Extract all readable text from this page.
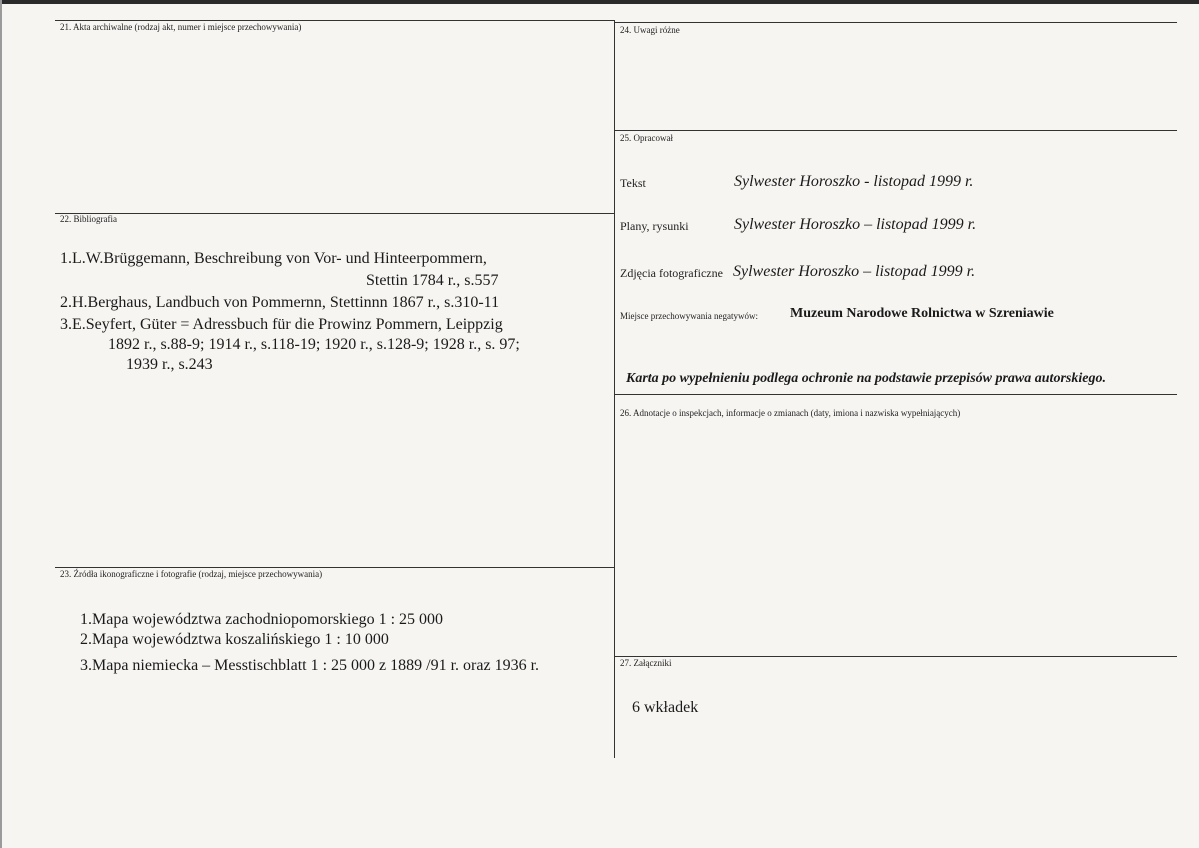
21. Akta archiwalne (rodzaj akt, numer i miejsce przechowywania)
22. Bibliografia
1.L.W.Brüggemann, Beschreibung von Vor- und Hinteerpommern,
Stettin 1784 r., s.557
2.H.Berghaus, Landbuch von Pommernn, Stettinnn 1867 r., s.310-11
3.E.Seyfert, Güter = Adressbuch für die Prowinz Pommern, Leippzig
1892 r., s.88-9; 1914 r., s.118-19; 1920 r., s.128-9; 1928 r., s. 97;
1939 r., s.243
23. Źródła ikonograficzne i fotografie (rodzaj, miejsce przechowywania)
1.Mapa województwa zachodniopomorskiego 1 : 25 000
2.Mapa województwa koszalińskiego 1 : 10 000
3.Mapa niemiecka – Messtischblatt 1 : 25 000 z 1889 /91 r. oraz 1936 r.
24. Uwagi różne
25. Opracował
Tekst	Sylwester Horoszko - listopad 1999 r.
Plany, rysunki	Sylwester Horoszko – listopad 1999 r.
Zdjęcia fotograficzne Sylwester Horoszko – listopad 1999 r.
Miejsce przechowywania negatywów: Muzeum Narodowe Rolnictwa w Szreniawie
Karta po wypełnieniu podlega ochronie na podstawie przepisów prawa autorskiego.
26. Adnotacje o inspekcjach, informacje o zmianach (daty, imiona i nazwiska wypełniających)
27. Załączniki
6 wkładek
